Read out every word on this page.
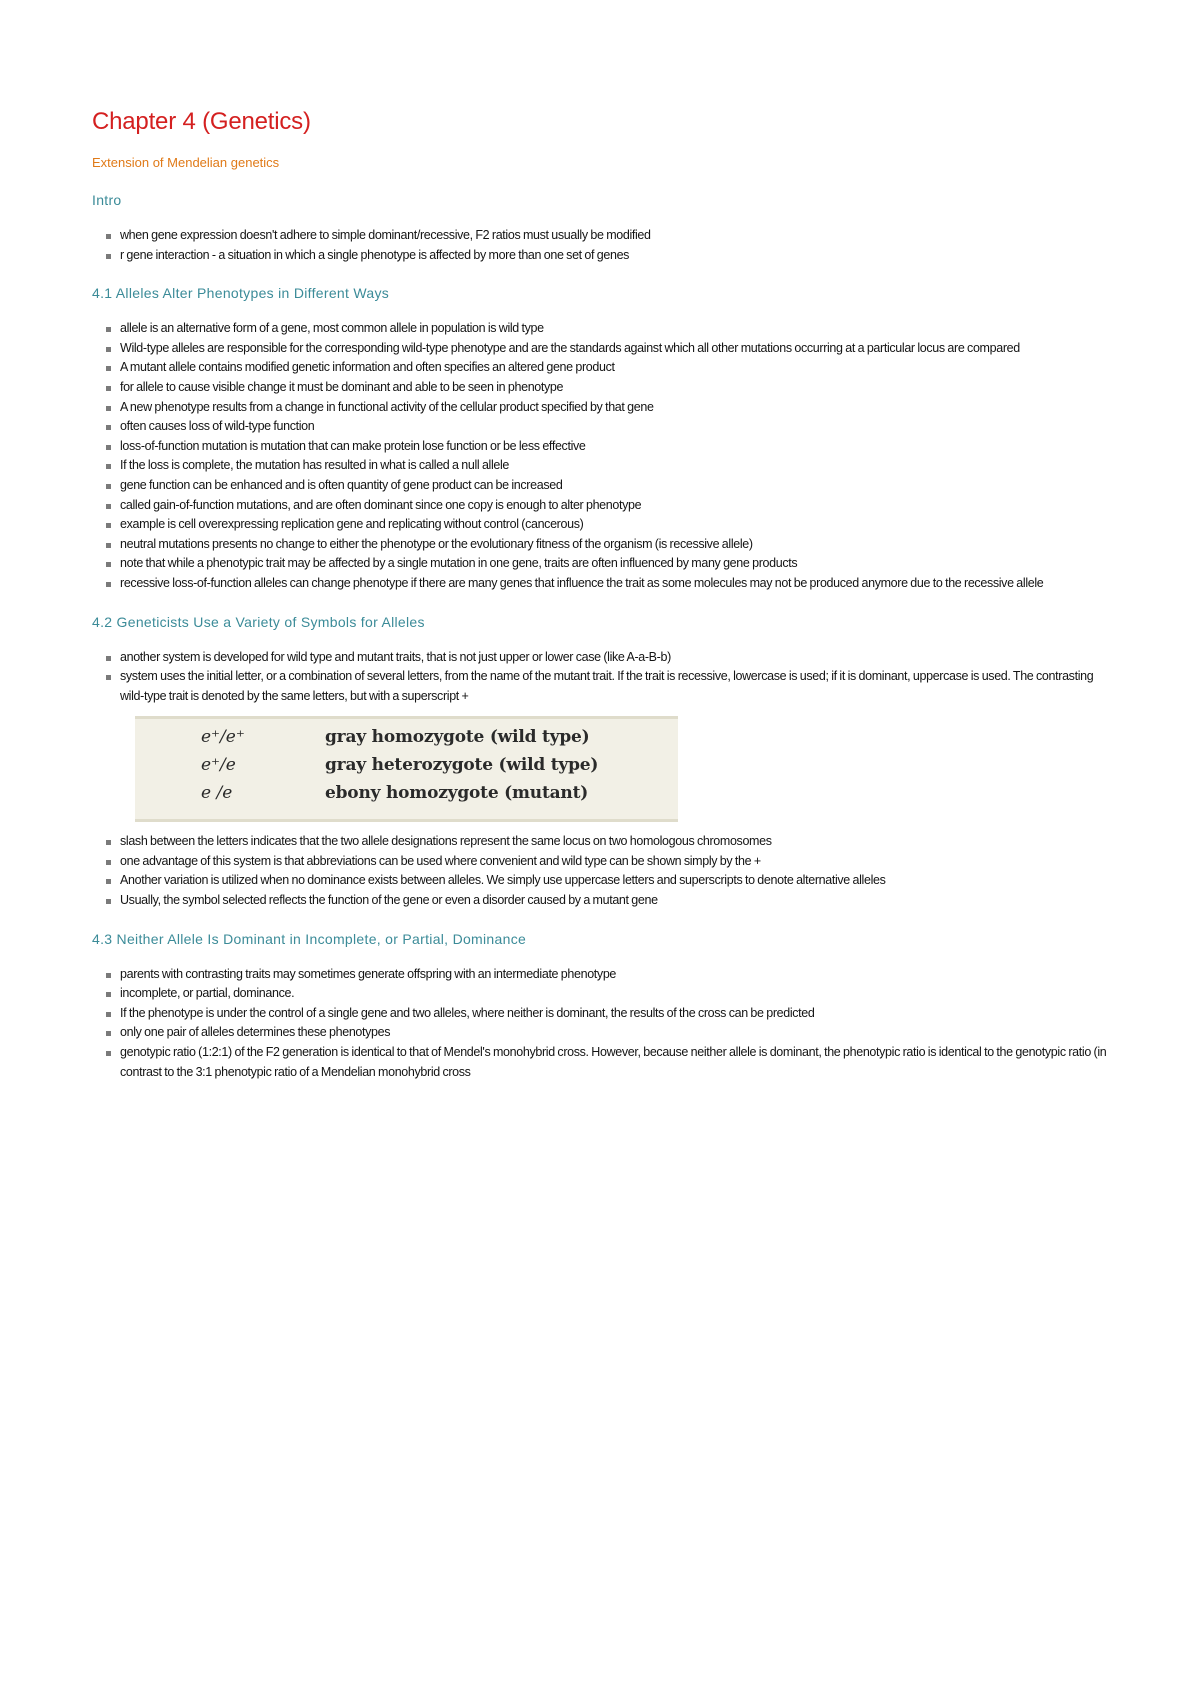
Chapter 4 (Genetics)
Extension of Mendelian genetics
Intro
when gene expression doesn't adhere to simple dominant/recessive, F2 ratios must usually be modified
r gene interaction - a situation in which a single phenotype is affected by more than one set of genes
4.1 Alleles Alter Phenotypes in Different Ways
allele is an alternative form of a gene, most common allele in population is wild type
Wild-type alleles are responsible for the corresponding wild-type phenotype and are the standards against which all other mutations occurring at a particular locus are compared
A mutant allele contains modified genetic information and often specifies an altered gene product
for allele to cause visible change it must be dominant and able to be seen in phenotype
A new phenotype results from a change in functional activity of the cellular product specified by that gene
often causes loss of wild-type function
loss-of-function mutation is mutation that can make protein lose function or be less effective
If the loss is complete, the mutation has resulted in what is called a null allele
gene function can be enhanced and is often quantity of gene product can be increased
called gain-of-function mutations, and are often dominant since one copy is enough to alter phenotype
example is cell overexpressing replication gene and replicating without control (cancerous)
neutral mutations presents no change to either the phenotype or the evolutionary fitness of the organism (is recessive allele)
note that while a phenotypic trait may be affected by a single mutation in one gene, traits are often influenced by many gene products
recessive loss-of-function alleles can change phenotype if there are many genes that influence the trait as some molecules may not be produced anymore due to the recessive allele
4.2 Geneticists Use a Variety of Symbols for Alleles
another system is developed for wild type and mutant traits, that is not just upper or lower case (like A-a-B-b)
system uses the initial letter, or a combination of several letters, from the name of the mutant trait. If the trait is recessive, lowercase is used; if it is dominant, uppercase is used. The contrasting wild-type trait is denoted by the same letters, but with a superscript +
e⁺/e⁺	gray homozygote (wild type)
e⁺/e	gray heterozygote (wild type)
e /e	ebony homozygote (mutant)
slash between the letters indicates that the two allele designations represent the same locus on two homologous chromosomes
one advantage of this system is that abbreviations can be used where convenient and wild type can be shown simply by the +
Another variation is utilized when no dominance exists between alleles. We simply use uppercase letters and superscripts to denote alternative alleles
Usually, the symbol selected reflects the function of the gene or even a disorder caused by a mutant gene
4.3 Neither Allele Is Dominant in Incomplete, or Partial, Dominance
parents with contrasting traits may sometimes generate offspring with an intermediate phenotype
incomplete, or partial, dominance.
If the phenotype is under the control of a single gene and two alleles, where neither is dominant, the results of the cross can be predicted
only one pair of alleles determines these phenotypes
genotypic ratio (1:2:1) of the F2 generation is identical to that of Mendel's monohybrid cross. However, because neither allele is dominant, the phenotypic ratio is identical to the genotypic ratio (in contrast to the 3:1 phenotypic ratio of a Mendelian monohybrid cross
